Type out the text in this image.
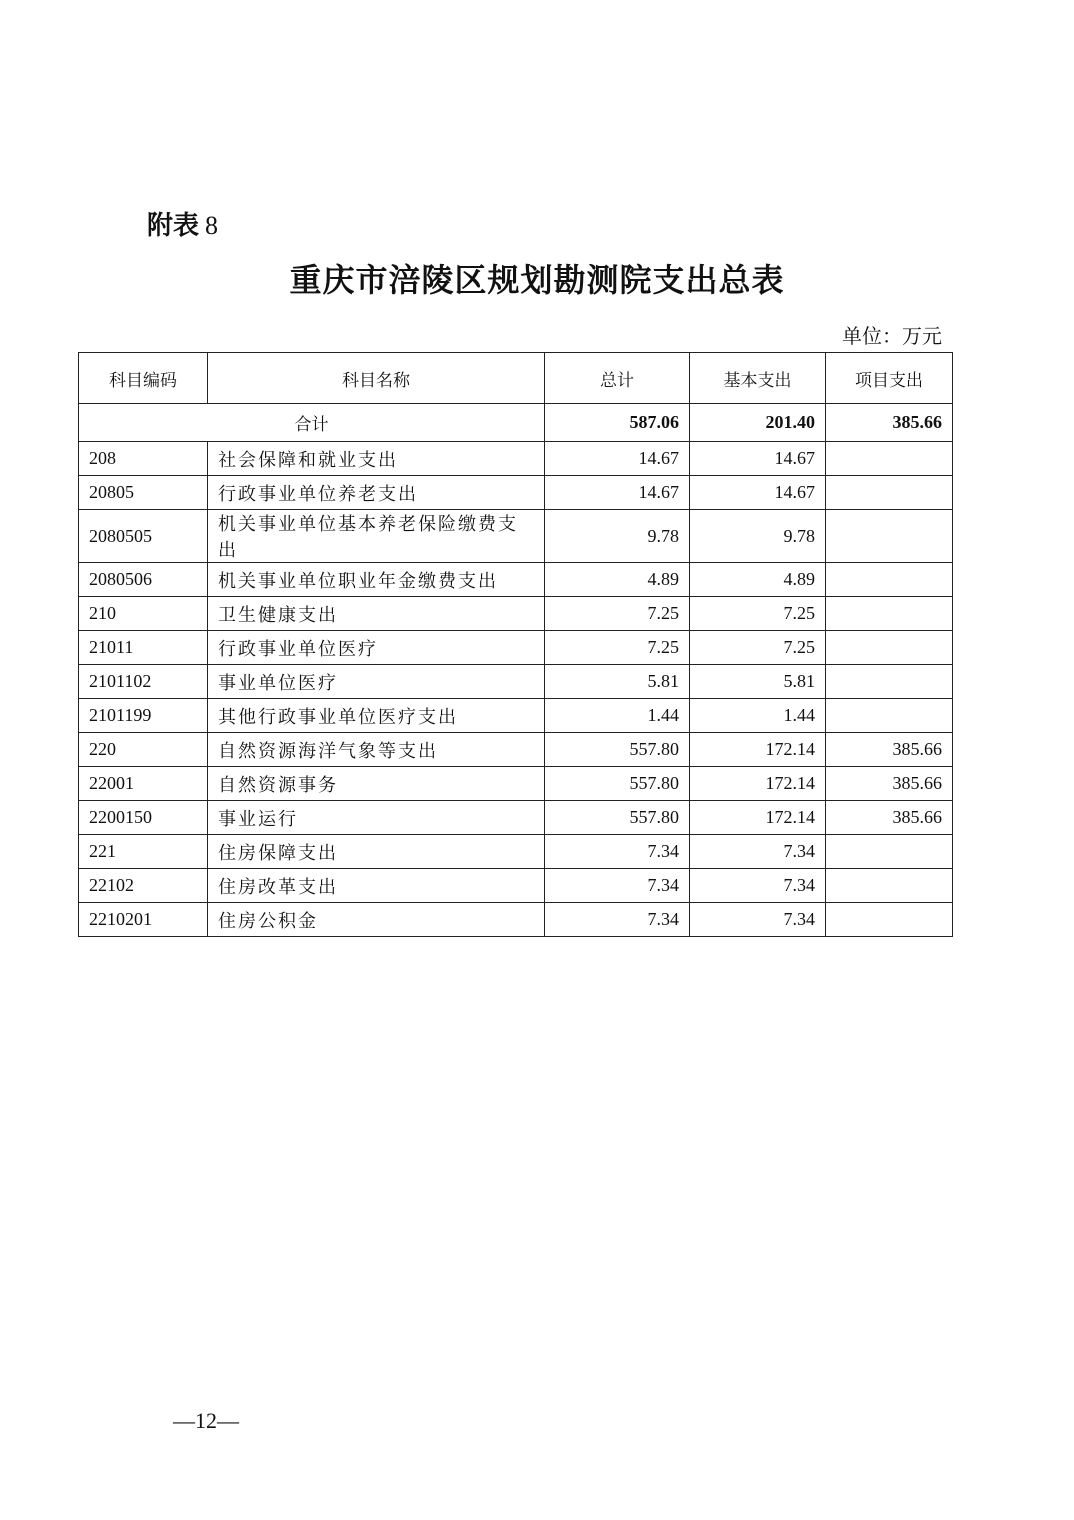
附表 8
重庆市涪陵区规划勘测院支出总表
单位：万元
科目编码	科目名称	总计	基本支出	项目支出
合计		587.06	201.40	385.66
208	社会保障和就业支出	14.67	14.67	
20805	行政事业单位养老支出	14.67	14.67	
2080505	机关事业单位基本养老保险缴费支出	9.78	9.78	
2080506	机关事业单位职业年金缴费支出	4.89	4.89	
210	卫生健康支出	7.25	7.25	
21011	行政事业单位医疗	7.25	7.25	
2101102	事业单位医疗	5.81	5.81	
2101199	其他行政事业单位医疗支出	1.44	1.44	
220	自然资源海洋气象等支出	557.80	172.14	385.66
22001	自然资源事务	557.80	172.14	385.66
2200150	事业运行	557.80	172.14	385.66
221	住房保障支出	7.34	7.34	
22102	住房改革支出	7.34	7.34	
2210201	住房公积金	7.34	7.34	
—12—
